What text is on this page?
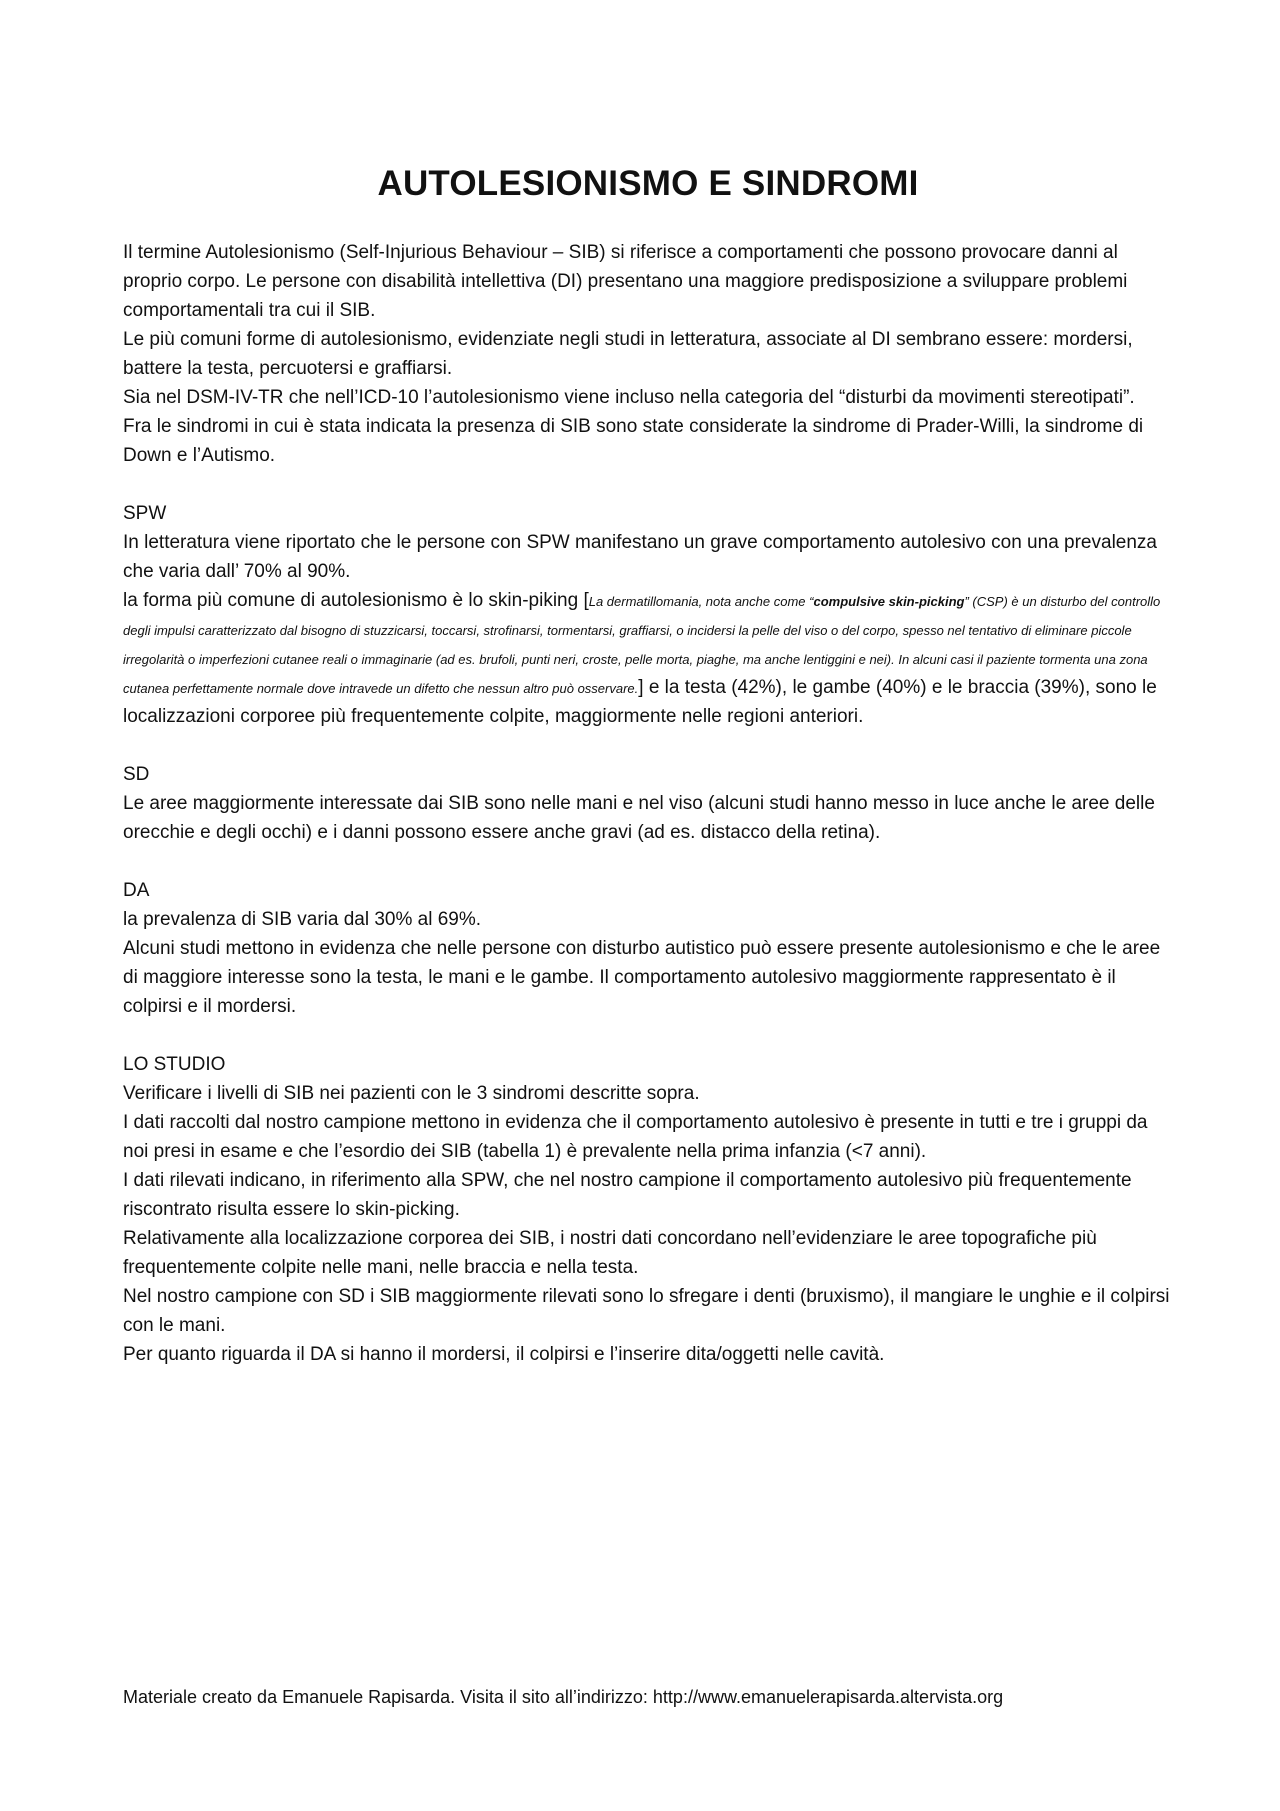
AUTOLESIONISMO E SINDROMI

Il termine Autolesionismo (Self-Injurious Behaviour – SIB) si riferisce a comportamenti che possono provocare danni al proprio corpo. Le persone con disabilità intellettiva (DI) presentano una maggiore predisposizione a sviluppare problemi comportamentali tra cui il SIB.

Le più comuni forme di autolesionismo, evidenziate negli studi in letteratura, associate al DI sembrano essere: mordersi, battere la testa, percuotersi e graffiarsi.

Sia nel DSM-IV-TR che nell’ICD-10 l’autolesionismo viene incluso nella categoria del “disturbi da movimenti stereotipati”.

Fra le sindromi in cui è stata indicata la presenza di SIB sono state considerate la sindrome di Prader-Willi, la sindrome di Down e l’Autismo.

SPW

In letteratura viene riportato che le persone con SPW manifestano un grave comportamento autolesivo con una prevalenza che varia dall’ 70% al 90%.

la forma più comune di autolesionismo è lo skin-piking [La dermatillomania, nota anche come “compulsive skin-picking” (CSP) è un disturbo del controllo degli impulsi caratterizzato dal bisogno di stuzzicarsi, toccarsi, strofinarsi, tormentarsi, graffiarsi, o incidersi la pelle del viso o del corpo, spesso nel tentativo di eliminare piccole irregolarità o imperfezioni cutanee reali o immaginarie (ad es. brufoli, punti neri, croste, pelle morta, piaghe, ma anche lentiggini e nei). In alcuni casi il paziente tormenta una zona cutanea perfettamente normale dove intravede un difetto che nessun altro può osservare.] e la testa (42%), le gambe (40%) e le braccia (39%), sono le localizzazioni corporee più frequentemente colpite, maggiormente nelle regioni anteriori.

SD

Le aree maggiormente interessate dai SIB sono nelle mani e nel viso (alcuni studi hanno messo in luce anche le aree delle orecchie e degli occhi) e i danni possono essere anche gravi (ad es. distacco della retina).

DA

la prevalenza di SIB varia dal 30% al 69%.

Alcuni studi mettono in evidenza che nelle persone con disturbo autistico può essere presente autolesionismo e che le aree di maggiore interesse sono la testa, le mani e le gambe. Il comportamento autolesivo maggiormente rappresentato è il colpirsi e il mordersi.

LO STUDIO

Verificare i livelli di SIB nei pazienti con le 3 sindromi descritte sopra.

I dati raccolti dal nostro campione mettono in evidenza che il comportamento autolesivo è presente in tutti e tre i gruppi da noi presi in esame e che l’esordio dei SIB (tabella 1) è prevalente nella prima infanzia (<7 anni).

I dati rilevati indicano, in riferimento alla SPW, che nel nostro campione il comportamento autolesivo più frequentemente riscontrato risulta essere lo skin-picking.

Relativamente alla localizzazione corporea dei SIB, i nostri dati concordano nell’evidenziare le aree topografiche più frequentemente colpite nelle mani, nelle braccia e nella testa.

Nel nostro campione con SD i SIB maggiormente rilevati sono lo sfregare i denti (bruxismo), il mangiare le unghie e il colpirsi con le mani.

Per quanto riguarda il DA si hanno il mordersi, il colpirsi e l’inserire dita/oggetti nelle cavità.

Materiale creato da Emanuele Rapisarda. Visita il sito all’indirizzo: http://www.emanuelerapisarda.altervista.org
